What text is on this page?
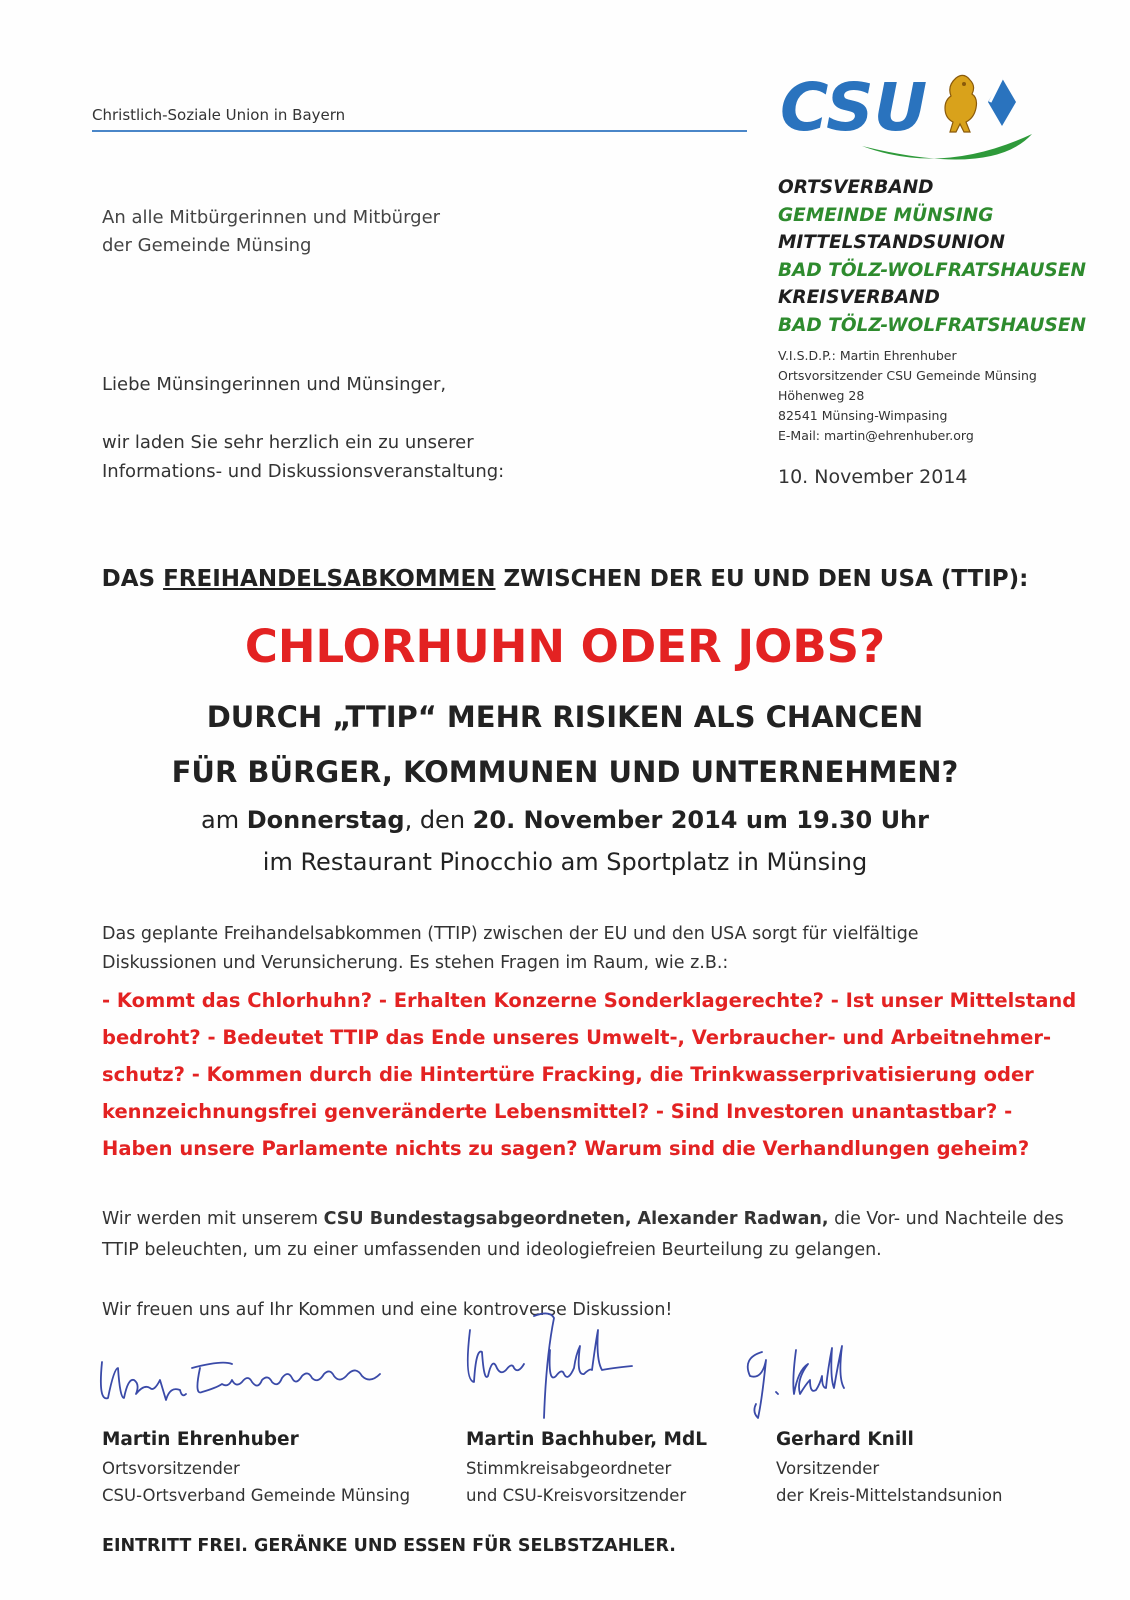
Christlich-Soziale Union in Bayern	CSU
ORTSVERBAND
GEMEINDE MÜNSING
MITTELSTANDSUNION
BAD TÖLZ-WOLFRATSHAUSEN
KREISVERBAND
BAD TÖLZ-WOLFRATSHAUSEN
V.I.S.D.P.: Martin Ehrenhuber
Ortsvorsitzender CSU Gemeinde Münsing
Höhenweg 28
82541 Münsing-Wimpasing
E-Mail: martin@ehrenhuber.org
10. November 2014
An alle Mitbürgerinnen und Mitbürger
der Gemeinde Münsing
Liebe Münsingerinnen und Münsinger,
wir laden Sie sehr herzlich ein zu unserer
Informations- und Diskussionsveranstaltung:
DAS FREIHANDELSABKOMMEN ZWISCHEN DER EU UND DEN USA (TTIP):
CHLORHUHN ODER JOBS?
DURCH „TTIP“ MEHR RISIKEN ALS CHANCEN
FÜR BÜRGER, KOMMUNEN UND UNTERNEHMEN?
am Donnerstag, den 20. November 2014 um 19.30 Uhr
im Restaurant Pinocchio am Sportplatz in Münsing
Das geplante Freihandelsabkommen (TTIP) zwischen der EU und den USA sorgt für vielfältige
Diskussionen und Verunsicherung. Es stehen Fragen im Raum, wie z.B.:
- Kommt das Chlorhuhn? - Erhalten Konzerne Sonderklagerechte? - Ist unser Mittelstand
bedroht? - Bedeutet TTIP das Ende unseres Umwelt-, Verbraucher- und Arbeitnehmer-
schutz? - Kommen durch die Hintertüre Fracking, die Trinkwasserprivatisierung oder
kennzeichnungsfrei genveränderte Lebensmittel? - Sind Investoren unantastbar? -
Haben unsere Parlamente nichts zu sagen? Warum sind die Verhandlungen geheim?
Wir werden mit unserem CSU Bundestagsabgeordneten, Alexander Radwan, die Vor- und Nachteile des
TTIP beleuchten, um zu einer umfassenden und ideologiefreien Beurteilung zu gelangen.
Wir freuen uns auf Ihr Kommen und eine kontroverse Diskussion!
Martin Ehrenhuber
Ortsvorsitzender
CSU-Ortsverband Gemeinde Münsing
Martin Bachhuber, MdL
Stimmkreisabgeordneter
und CSU-Kreisvorsitzender
Gerhard Knill
Vorsitzender
der Kreis-Mittelstandsunion
EINTRITT FREI. GERÄNKE UND ESSEN FÜR SELBSTZAHLER.
